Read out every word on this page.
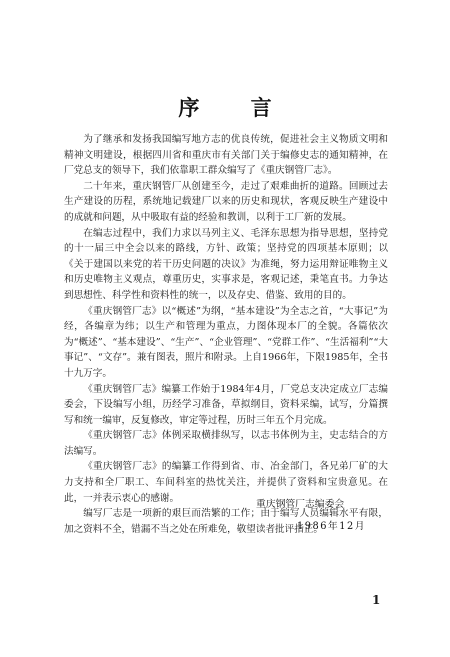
序 言

为了继承和发扬我国编写地方志的优良传统，促进社会主义物质文明和精神文明建设，根据四川省和重庆市有关部门关于编修史志的通知精神，在厂党总支的领导下，我们依靠职工群众编写了《重庆钢管厂志》。

二十年来，重庆钢管厂从创建至今，走过了艰难曲折的道路。回顾过去生产建设的历程，系统地记载建厂以来的历史和现状，客观反映生产建设中的成就和问题，从中吸取有益的经验和教训，以利于工厂新的发展。

在编志过程中，我们力求以马列主义、毛泽东思想为指导思想，坚持党的十一届三中全会以来的路线，方针、政策；坚持党的四项基本原则；以《关于建国以来党的若干历史问题的决议》为准绳，努力运用辩证唯物主义和历史唯物主义观点，尊重历史，实事求是，客观记述，秉笔直书。力争达到思想性、科学性和资料性的统一，以及存史、借鉴、致用的目的。

《重庆钢管厂志》以“概述”为纲，“基本建设”为全志之首，“大事记”为经，各编章为纬；以生产和管理为重点，力图体现本厂的全貌。各篇依次为“概述”、“基本建设”、“生产”、“企业管理”、“党群工作”、“生活福利”“大事记”、“文存”。兼有图表，照片和附录。上自1966年，下限1985年，全书十九万字。

《重庆钢管厂志》编纂工作始于1984年4月，厂党总支决定成立厂志编委会，下设编写小组，历经学习准备，草拟纲目，资料采编，试写，分篇撰写和统一编审，反复修改，审定等过程，历时三年五个月完成。

《重庆钢管厂志》体例采取横排纵写，以志书体例为主，史志结合的方法编写。

《重庆钢管厂志》的编纂工作得到省、市、冶金部门，各兄弟厂矿的大力支持和全厂职工、车间科室的热忱关注，并提供了资料和宝贵意见。在此，一并表示衷心的感谢。

编写厂志是一项新的艰巨而浩繁的工作；由于编写人员编辑水平有限，加之资料不全，错漏不当之处在所难免，敬望读者批评指正。

重庆钢管厂志编委会
1986年12月
1
